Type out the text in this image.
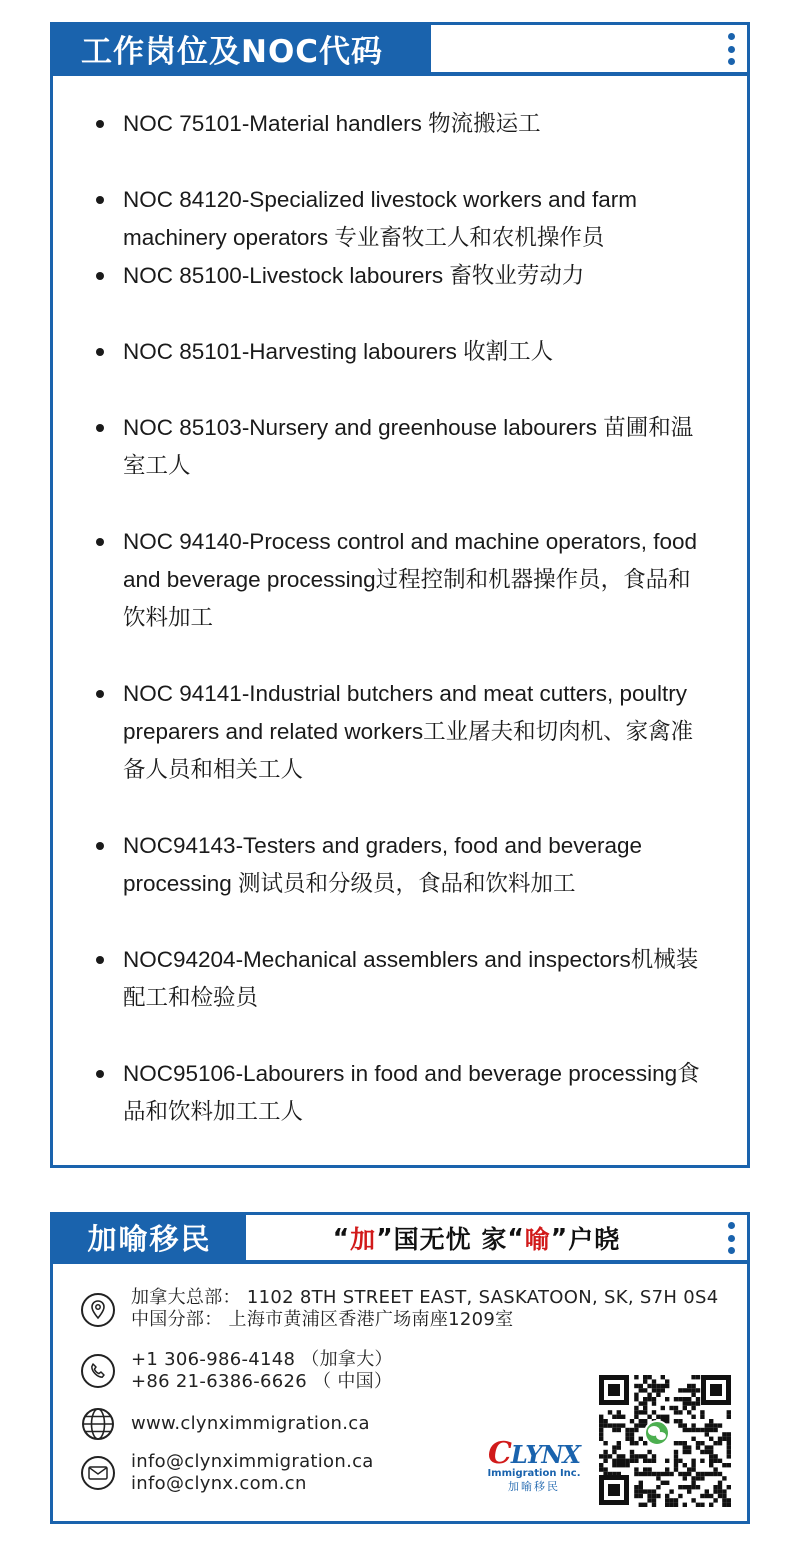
工作岗位及NOC代码
NOC 75101-Material handlers 物流搬运工
NOC 84120-Specialized livestock workers and farm machinery operators 专业畜牧工人和农机操作员
NOC 85100-Livestock labourers 畜牧业劳动力
NOC 85101-Harvesting labourers 收割工人
NOC 85103-Nursery and greenhouse labourers 苗圃和温室工人
NOC 94140-Process control and machine operators, food and beverage processing过程控制和机器操作员，食品和饮料加工
NOC 94141-Industrial butchers and meat cutters, poultry preparers and related workers工业屠夫和切肉机、家禽准备人员和相关工人
NOC94143-Testers and graders, food and beverage processing 测试员和分级员，食品和饮料加工
NOC94204-Mechanical assemblers and inspectors机械装配工和检验员
NOC95106-Labourers in food and beverage processing食品和饮料加工工人
加喻移民	“ 加 ” 国无忧 家 “ 喻 ” 户晓
加拿大总部： 1102 8TH STREET EAST, SASKATOON, SK, S7H 0S4
中国分部： 上海市黄浦区香港广场南座1209室
+1 306-986-4148 （加拿大）
+86 21-6386-6626 （ 中国）
www.clynximmigration.ca
info@clynximmigration.ca
info@clynx.com.cn
CLYNX
Immigration Inc.
加喻移民
